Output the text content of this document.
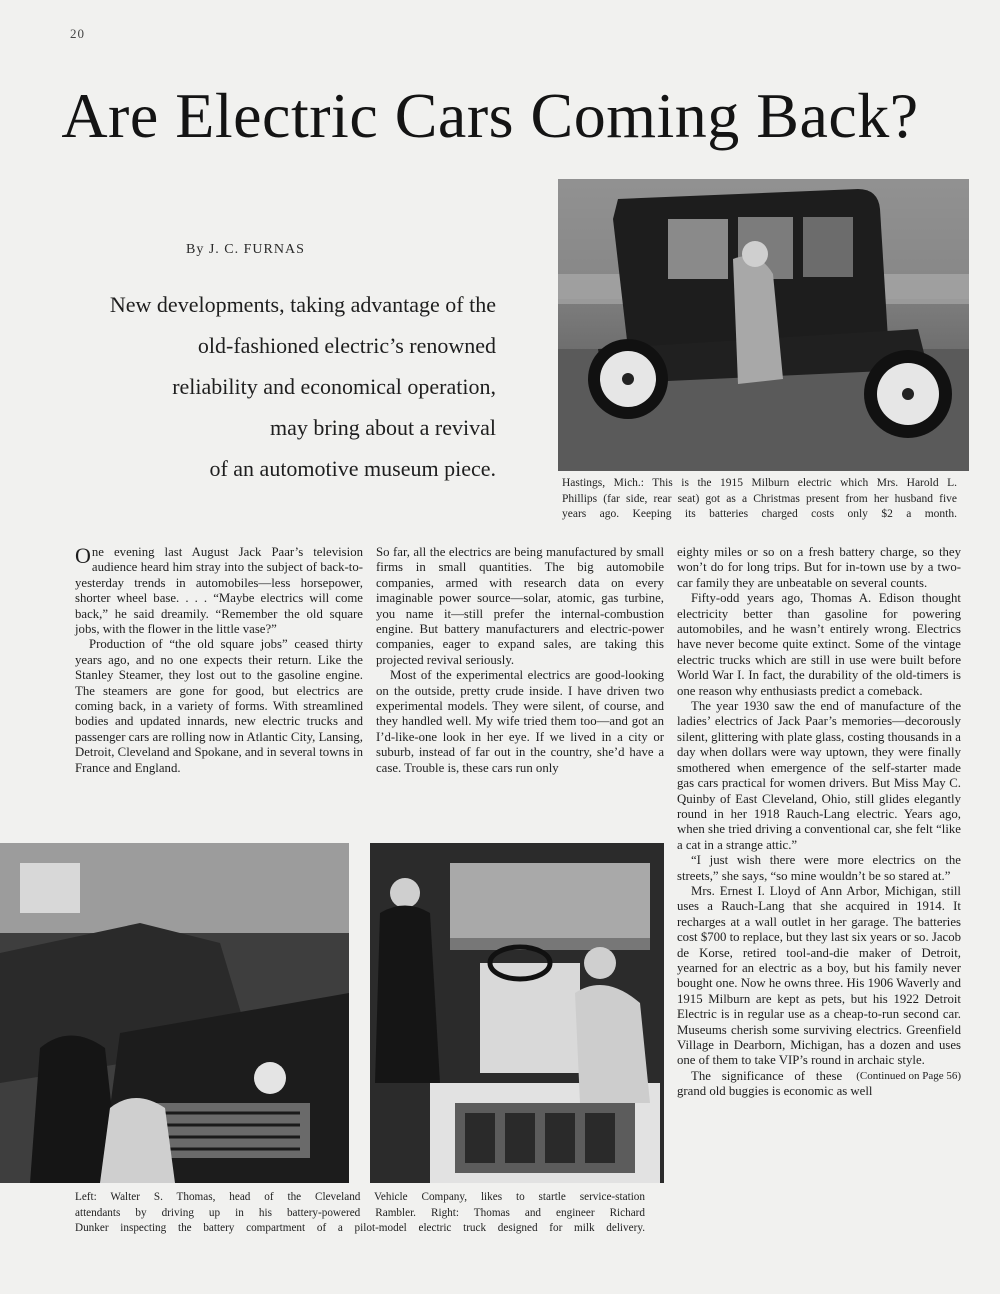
20
Are Electric Cars Coming Back?
By J. C. FURNAS
New developments, taking advantage of the
old-fashioned electric’s renowned
reliability and economical operation,
may bring about a revival
of an automotive museum piece.
Hastings, Mich.: This is the 1915 Milburn electric which Mrs. Harold L.
Phillips (far side, rear seat) got as a Christmas present from her husband five
years ago. Keeping its batteries charged costs only $2 a month.

One evening last August Jack Paar’s television audience heard him stray into the subject of back-to-yesterday trends in automobiles—less horsepower, shorter wheel base. . . . “Maybe electrics will come back,” he said dreamily. “Remember the old square jobs, with the flower in the little vase?”

Production of “the old square jobs” ceased thirty years ago, and no one expects their return. Like the Stanley Steamer, they lost out to the gasoline engine. The steamers are gone for good, but electrics are coming back, in a variety of forms. With streamlined bodies and updated innards, new electric trucks and passenger cars are rolling now in Atlantic City, Lansing, Detroit, Cleveland and Spokane, and in several towns in France and England.

So far, all the electrics are being manufactured by small firms in small quantities. The big automobile companies, armed with research data on every imaginable power source—solar, atomic, gas turbine, you name it—still prefer the internal-combustion engine. But battery manufacturers and electric-power companies, eager to expand sales, are taking this projected revival seriously.

Most of the experimental electrics are good-looking on the outside, pretty crude inside. I have driven two experimental models. They were silent, of course, and they handled well. My wife tried them too—and got an I’d-like-one look in her eye. If we lived in a city or suburb, instead of far out in the country, she’d have a case. Trouble is, these cars run only

eighty miles or so on a fresh battery charge, so they won’t do for long trips. But for in-town use by a two-car family they are unbeatable on several counts.

Fifty-odd years ago, Thomas A. Edison thought electricity better than gasoline for powering automobiles, and he wasn’t entirely wrong. Electrics have never become quite extinct. Some of the vintage electric trucks which are still in use were built before World War I. In fact, the durability of the old-timers is one reason why enthusiasts predict a comeback.

The year 1930 saw the end of manufacture of the ladies’ electrics of Jack Paar’s memories—decorously silent, glittering with plate glass, costing thousands in a day when dollars were way uptown, they were finally smothered when emergence of the self-starter made gas cars practical for women drivers. But Miss May C. Quinby of East Cleveland, Ohio, still glides elegantly round in her 1918 Rauch-Lang electric. Years ago, when she tried driving a conventional car, she felt “like a cat in a strange attic.”

“I just wish there were more electrics on the streets,” she says, “so mine wouldn’t be so stared at.”

Mrs. Ernest I. Lloyd of Ann Arbor, Michigan, still uses a Rauch-Lang that she acquired in 1914. It recharges at a wall outlet in her garage. The batteries cost $700 to replace, but they last six years or so. Jacob de Korse, retired tool-and-die maker of Detroit, yearned for an electric as a boy, but his family never bought one. Now he owns three. His 1906 Waverly and 1915 Milburn are kept as pets, but his 1922 Detroit Electric is in regular use as a cheap-to-run second car. Museums cherish some surviving electrics. Greenfield Village in Dearborn, Michigan, has a dozen and uses one of them to take VIP’s round in archaic style.

(Continued on Page 56)
The significance of these grand old buggies is economic as well

Left: Walter S. Thomas, head of the Cleveland Vehicle Company, likes to startle service-station
attendants by driving up in his battery-powered Rambler. Right: Thomas and engineer Richard
Dunker inspecting the battery compartment of a pilot-model electric truck designed for milk delivery.
